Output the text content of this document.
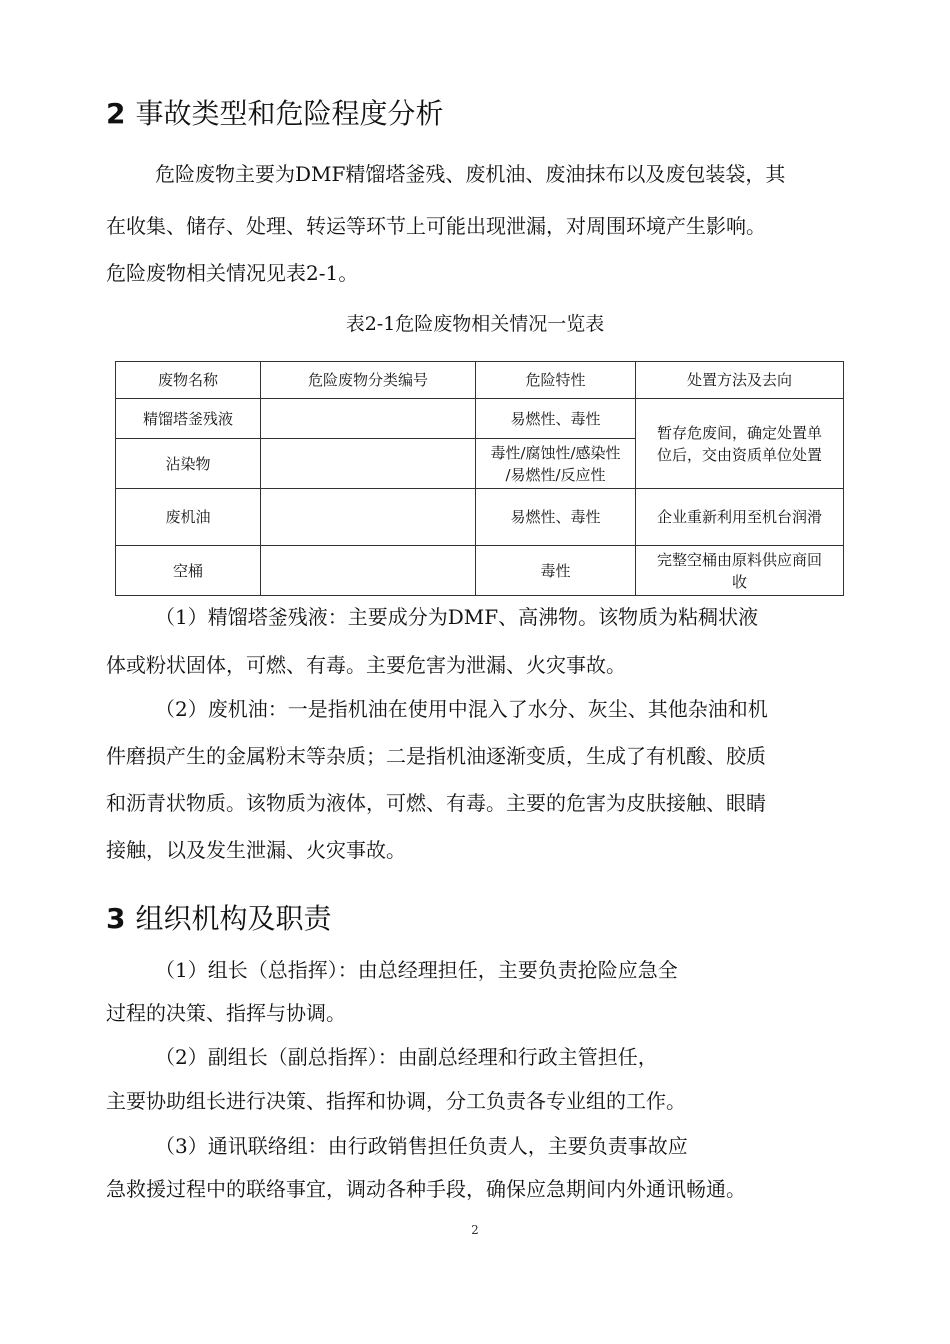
2 事故类型和危险程度分析
危险废物主要为DMF精馏塔釜残、废机油、废油抹布以及废包装袋，其
在收集、储存、处理、转运等环节上可能出现泄漏，对周围环境产生影响。
危险废物相关情况见表2-1。
表2-1危险废物相关情况一览表
废物名称	危险废物分类编号	危险特性	处置方法及去向
精馏塔釜残液		易燃性、毒性	暂存危废间，确定处置单
位后，交由资质单位处置

沾染物		毒性/腐蚀性/感染性
/易燃性/反应性	

废机油		易燃性、毒性	企业重新利用至机台润滑
空桶		毒性	完整空桶由原料供应商回
收
（1）精馏塔釜残液：主要成分为DMF、高沸物。该物质为粘稠状液
体或粉状固体，可燃、有毒。主要危害为泄漏、火灾事故。
（2）废机油：一是指机油在使用中混入了水分、灰尘、其他杂油和机
件磨损产生的金属粉末等杂质；二是指机油逐渐变质，生成了有机酸、胶质
和沥青状物质。该物质为液体，可燃、有毒。主要的危害为皮肤接触、眼睛
接触，以及发生泄漏、火灾事故。
3 组织机构及职责
（1）组长（总指挥）：由总经理担任，主要负责抢险应急全
过程的决策、指挥与协调。
（2）副组长（副总指挥）：由副总经理和行政主管担任，
主要协助组长进行决策、指挥和协调，分工负责各专业组的工作。
（3）通讯联络组：由行政销售担任负责人，主要负责事故应
急救援过程中的联络事宜，调动各种手段，确保应急期间内外通讯畅通。
2
